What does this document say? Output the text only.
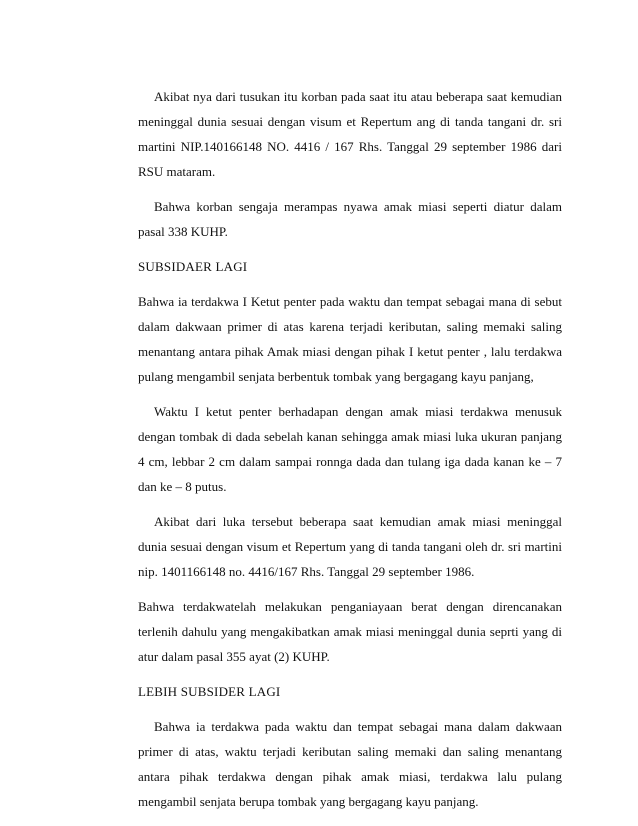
Akibat nya dari tusukan itu korban pada saat itu atau beberapa saat kemudian meninggal dunia sesuai dengan visum et Repertum ang di tanda tangani dr. sri martini NIP.140166148 NO. 4416 / 167 Rhs. Tanggal 29 september 1986 dari RSU mataram.

Bahwa korban sengaja merampas nyawa amak miasi seperti diatur dalam pasal 338 KUHP.

SUBSIDAER LAGI

Bahwa ia terdakwa I Ketut penter pada waktu dan tempat sebagai mana di sebut dalam dakwaan primer di atas karena terjadi keributan, saling memaki saling menantang antara pihak Amak miasi dengan pihak I ketut penter , lalu terdakwa pulang mengambil senjata berbentuk tombak yang bergagang kayu panjang,

Waktu I ketut penter berhadapan dengan amak miasi terdakwa menusuk dengan tombak di dada sebelah kanan sehingga amak miasi luka ukuran panjang 4 cm, lebbar 2 cm dalam sampai ronnga dada dan tulang iga dada kanan ke – 7 dan ke – 8 putus.

Akibat dari luka tersebut beberapa saat kemudian amak miasi meninggal dunia sesuai dengan visum et Repertum yang di tanda tangani oleh dr. sri martini nip. 1401166148 no. 4416/167 Rhs. Tanggal 29 september 1986.

Bahwa terdakwatelah melakukan penganiayaan berat dengan direncanakan terlenih dahulu yang mengakibatkan amak miasi meninggal dunia seprti yang di atur dalam pasal 355 ayat (2) KUHP.

LEBIH SUBSIDER LAGI

Bahwa ia terdakwa pada waktu dan tempat sebagai mana dalam dakwaan primer di atas, waktu terjadi keributan saling memaki dan saling menantang antara pihak terdakwa dengan pihak amak miasi, terdakwa lalu pulang mengambil senjata berupa tombak yang bergagang kayu panjang.
